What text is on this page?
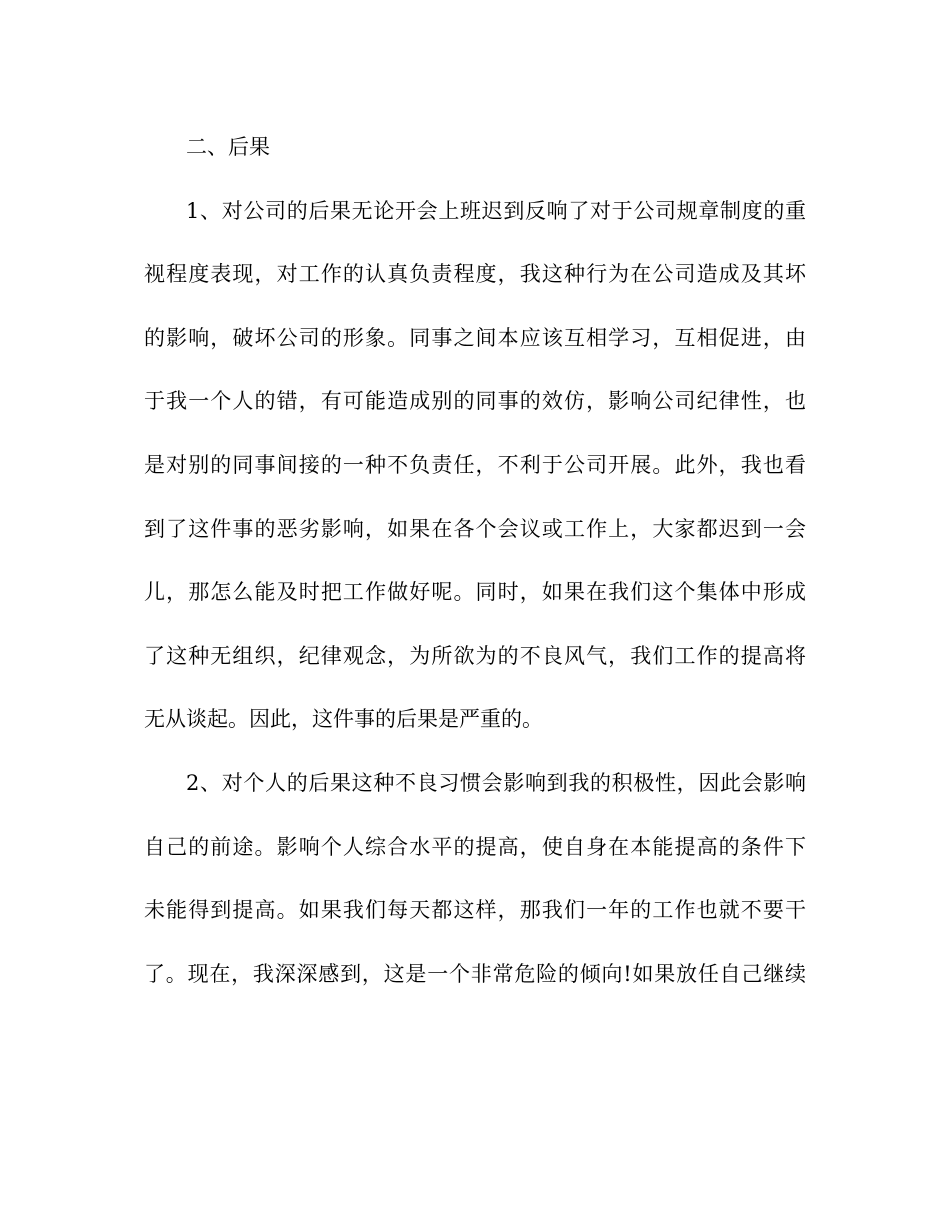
二、后果
1、对公司的后果无论开会上班迟到反响了对于公司规章制度的重
视程度表现，对工作的认真负责程度，我这种行为在公司造成及其坏
的影响，破坏公司的形象。同事之间本应该互相学习，互相促进，由
于我一个人的错，有可能造成别的同事的效仿，影响公司纪律性，也
是对别的同事间接的一种不负责任，不利于公司开展。此外，我也看
到了这件事的恶劣影响，如果在各个会议或工作上，大家都迟到一会
儿，那怎么能及时把工作做好呢。同时，如果在我们这个集体中形成
了这种无组织，纪律观念，为所欲为的不良风气，我们工作的提高将
无从谈起。因此，这件事的后果是严重的。
2、对个人的后果这种不良习惯会影响到我的积极性，因此会影响
自己的前途。影响个人综合水平的提高，使自身在本能提高的条件下
未能得到提高。如果我们每天都这样，那我们一年的工作也就不要干
了。现在，我深深感到，这是一个非常危险的倾向!如果放任自己继续
